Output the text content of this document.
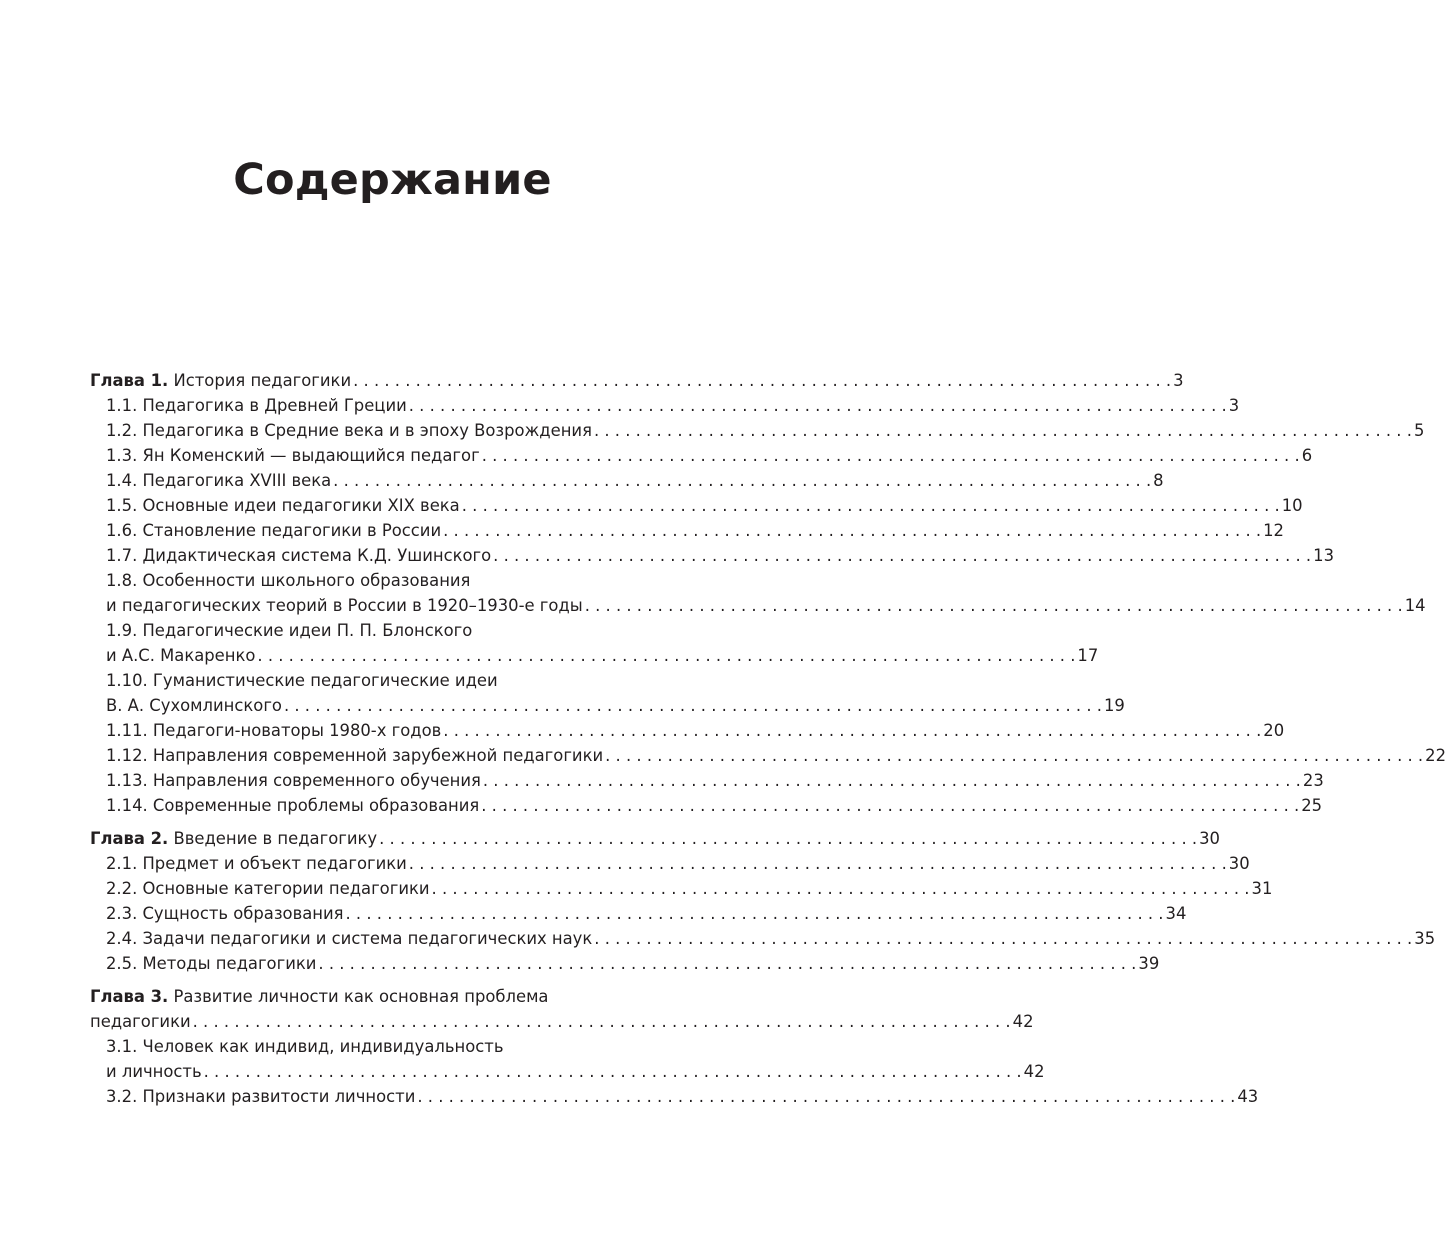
Содержание
Глава 1. История педагогики . . .	3
1.1. Педагогика в Древней Греции . . .	3
1.2. Педагогика в Средние века и в эпоху Возрождения . . .	5
1.3. Ян Коменский — выдающийся педагог . . .	6
1.4. Педагогика XVIII века . . .	8
1.5. Основные идеи педагогики XIX века . . .	10
1.6. Становление педагогики в России . . .	12
1.7. Дидактическая система К.Д. Ушинского . . .	13
1.8. Особенности школьного образования
и педагогических теорий в России в 1920–1930-е годы . . .	14
1.9. Педагогические идеи П. П. Блонского
и А.С. Макаренко . . .	17
1.10. Гуманистические педагогические идеи
В. А. Сухомлинского . . .	19
1.11. Педагоги-новаторы 1980-х годов . . .	20
1.12. Направления современной зарубежной педагогики . . .	22
1.13. Направления современного обучения . . .	23
1.14. Современные проблемы образования . . .	25
Глава 2. Введение в педагогику . . .	30
2.1. Предмет и объект педагогики . . .	30
2.2. Основные категории педагогики . . .	31
2.3. Сущность образования . . .	34
2.4. Задачи педагогики и система педагогических наук . . .	35
2.5. Методы педагогики . . .	39
Глава 3. Развитие личности как основная проблема
педагогики . . .	42
3.1. Человек как индивид, индивидуальность
и личность . . .	42
3.2. Признаки развитости личности . . .	43
